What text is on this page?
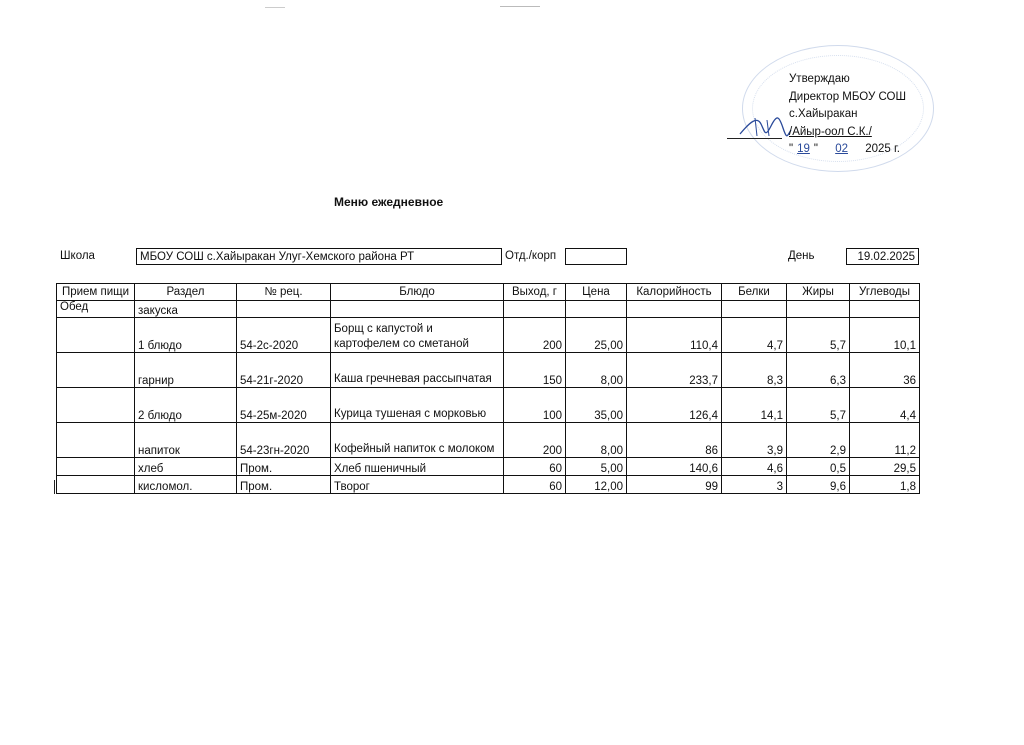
Утверждаю
Директор МБОУ СОШ
с.Хайыракан
/Айыр-оол С.К./
" 19 " 02 2025 г.
Меню ежедневное
Школа	МБОУ СОШ с.Хайыракан Улуг-Хемского района РТ	Отд./корп	День	19.02.2025
Прием пищи	Раздел	№ рец.	Блюдо	Выход, г	Цена	Калорийность	Белки	Жиры	Углеводы
Обед	закуска								
	1 блюдо	54-2с-2020	Борщ с капустой и картофелем со сметаной	200	25,00	110,4	4,7	5,7	10,1
	гарнир	54-21г-2020	Каша гречневая рассыпчатая	150	8,00	233,7	8,3	6,3	36
	2 блюдо	54-25м-2020	Курица тушеная с морковью	100	35,00	126,4	14,1	5,7	4,4
	напиток	54-23гн-2020	Кофейный напиток с молоком	200	8,00	86	3,9	2,9	11,2
	хлеб	Пром.	Хлеб пшеничный	60	5,00	140,6	4,6	0,5	29,5
	кисломол.	Пром.	Творог	60	12,00	99	3	9,6	1,8
